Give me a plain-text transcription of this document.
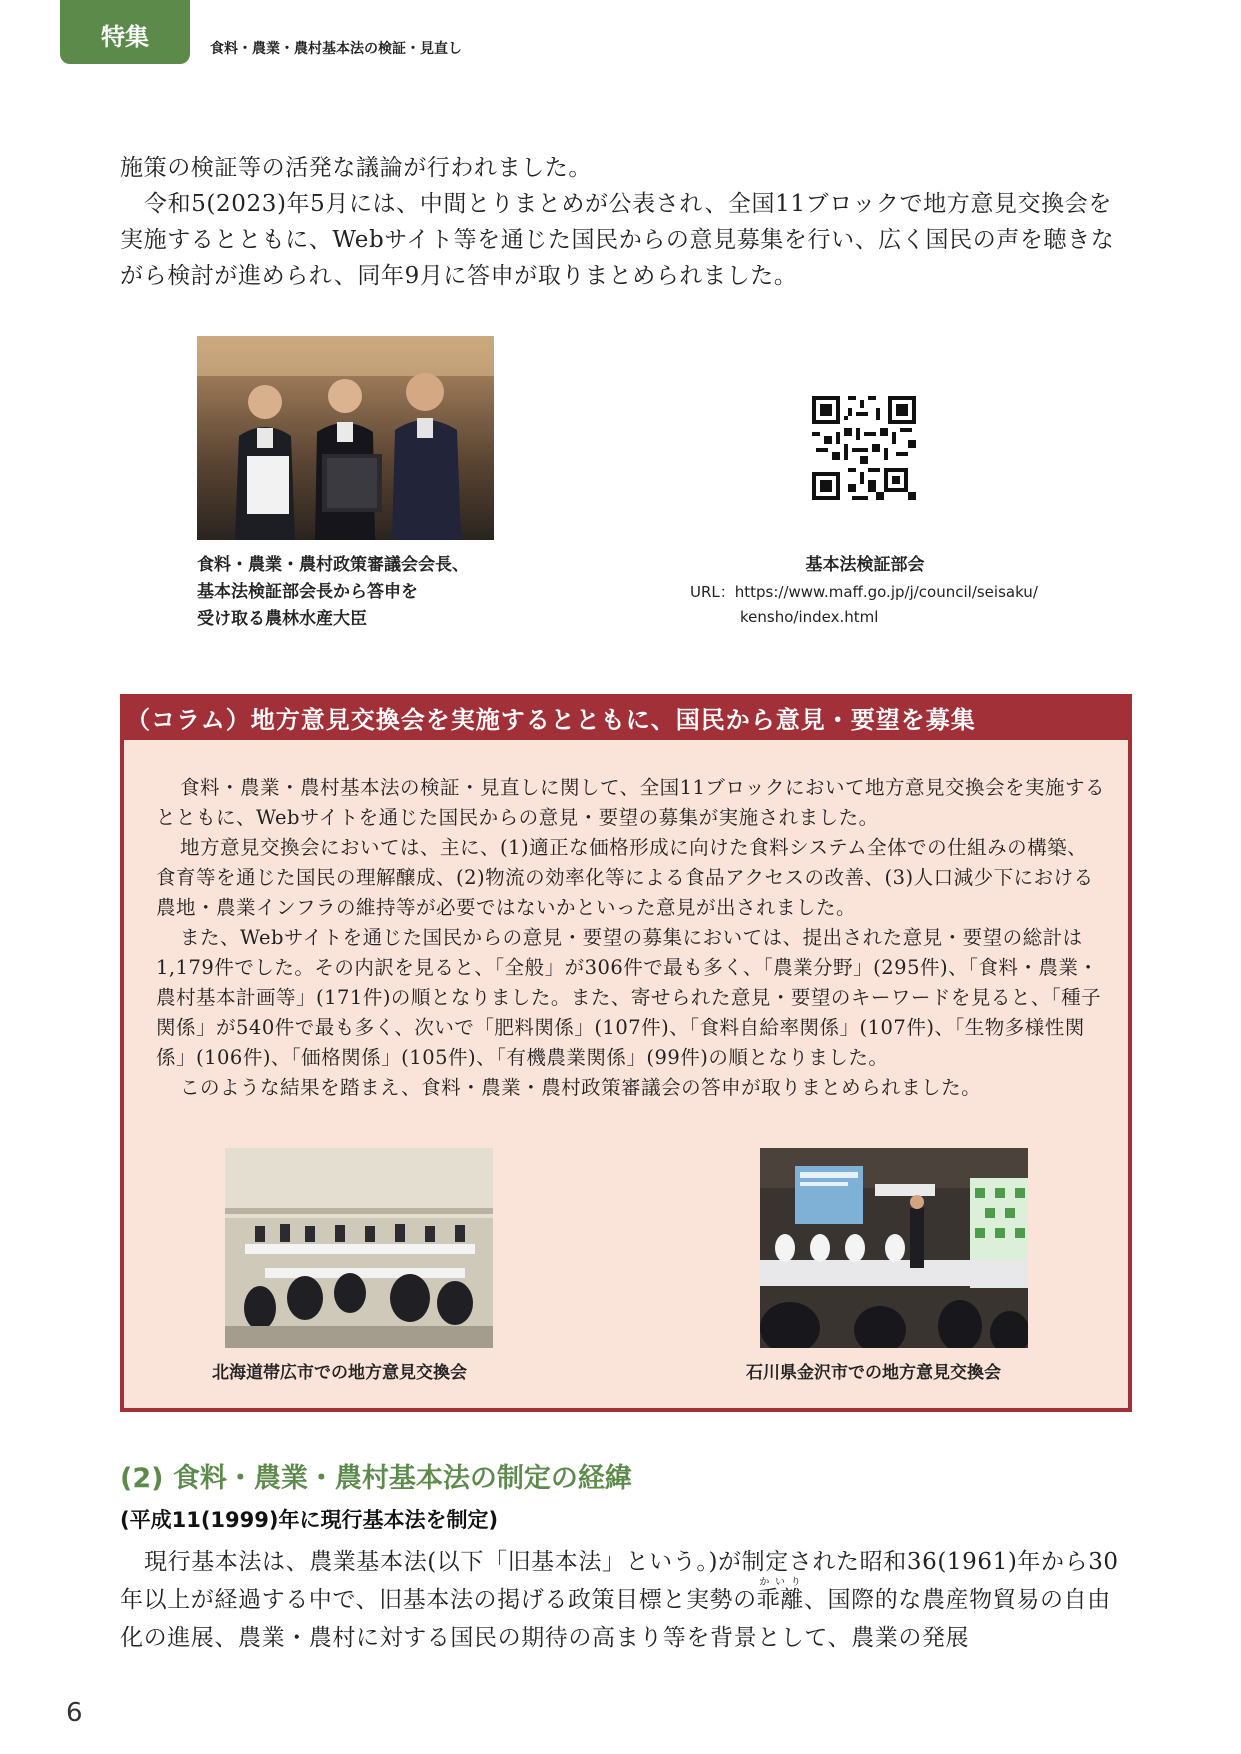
特集	食料・農業・農村基本法の検証・見直し

施策の検証等の活発な議論が行われました。

令和5(2023)年5月には、中間とりまとめが公表され、全国11ブロックで地方意見交換会を実施するとともに、Webサイト等を通じた国民からの意見募集を行い、広く国民の声を聴きながら検討が進められ、同年9月に答申が取りまとめられました。

食料・農業・農村政策審議会会長、
基本法検証部会長から答申を
受け取る農林水産大臣
基本法検証部会
URL：https://www.maff.go.jp/j/council/seisaku/
kensho/index.html
（コラム）地方意見交換会を実施するとともに、国民から意見・要望を募集

食料・農業・農村基本法の検証・見直しに関して、全国11ブロックにおいて地方意見交換会を実施するとともに、Webサイトを通じた国民からの意見・要望の募集が実施されました。

地方意見交換会においては、主に、(1)適正な価格形成に向けた食料システム全体での仕組みの構築、食育等を通じた国民の理解醸成、(2)物流の効率化等による食品アクセスの改善、(3)人口減少下における農地・農業インフラの維持等が必要ではないかといった意見が出されました。

また、Webサイトを通じた国民からの意見・要望の募集においては、提出された意見・要望の総計は1,179件でした。その内訳を見ると、「全般」が306件で最も多く、「農業分野」(295件)、「食料・農業・農村基本計画等」(171件)の順となりました。また、寄せられた意見・要望のキーワードを見ると、「種子関係」が540件で最も多く、次いで「肥料関係」(107件)、「食料自給率関係」(107件)、「生物多様性関係」(106件)、「価格関係」(105件)、「有機農業関係」(99件)の順となりました。

このような結果を踏まえ、食料・農業・農村政策審議会の答申が取りまとめられました。

北海道帯広市での地方意見交換会	石川県金沢市での地方意見交換会
(2) 食料・農業・農村基本法の制定の経緯
(平成11(1999)年に現行基本法を制定)

現行基本法は、農業基本法(以下「旧基本法」という。)が制定された昭和36(1961)年から30年以上が経過する中で、旧基本法の掲げる政策目標と実勢の乖離かいり、国際的な農産物貿易の自由化の進展、農業・農村に対する国民の期待の高まり等を背景として、農業の発展

6
